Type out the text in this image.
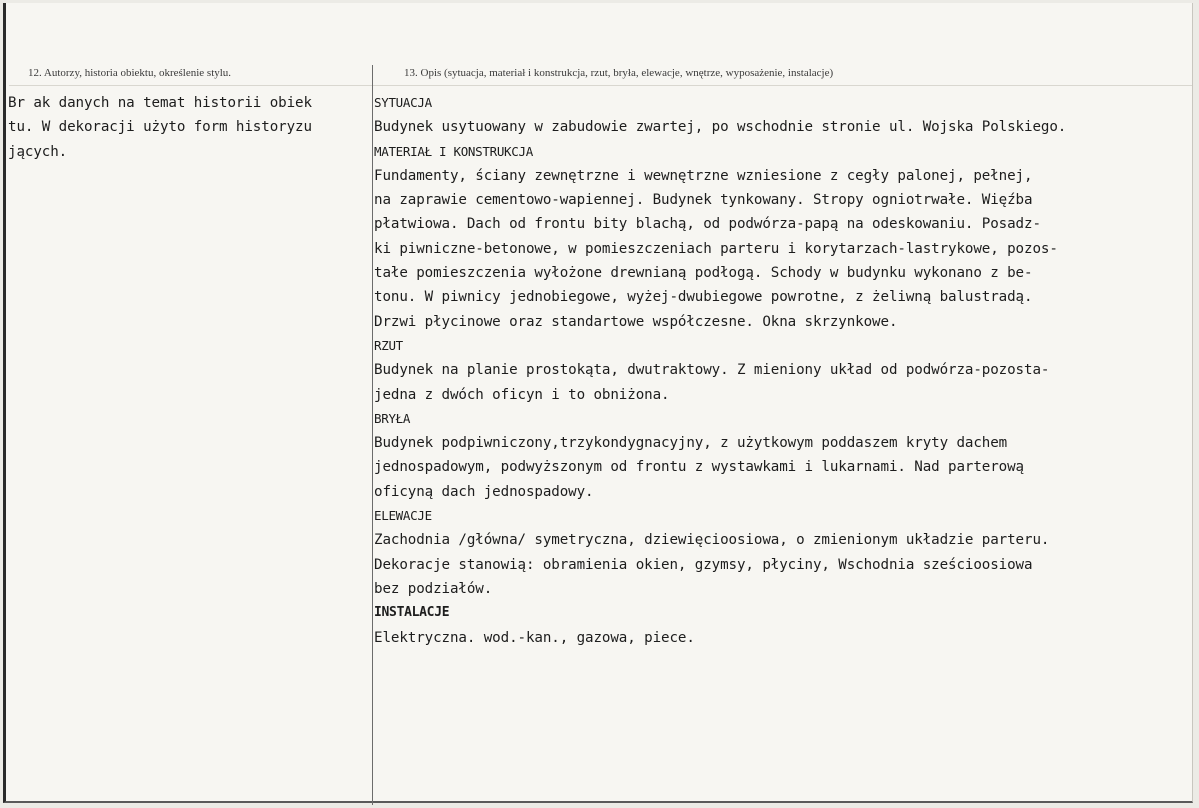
12. Autorzy, historia obiektu, określenie stylu.	13. Opis (sytuacja, materiał i konstrukcja, rzut, bryła, elewacje, wnętrze, wyposażenie, instalacje)
Br ak danych na temat historii obiek
tu. W dekoracji użyto form historyzu
jących.
SYTUACJA
Budynek usytuowany w zabudowie zwartej, po wschodnie stronie ul. Wojska Polskiego.
MATERIAŁ I KONSTRUKCJA
Fundamenty, ściany zewnętrzne i wewnętrzne wzniesione z cegły palonej, pełnej,
na zaprawie cementowo-wapiennej. Budynek tynkowany. Stropy ogniotrwałe. Więźba
płatwiowa. Dach od frontu bity blachą, od podwórza-papą na odeskowaniu. Posadz-
ki piwniczne-betonowe, w pomieszczeniach parteru i korytarzach-lastrykowe, pozos-
tałe pomieszczenia wyłożone drewnianą podłogą. Schody w budynku wykonano z be-
tonu. W piwnicy jednobiegowe, wyżej-dwubiegowe powrotne, z żeliwną balustradą.
Drzwi płycinowe oraz standartowe współczesne. Okna skrzynkowe.
RZUT
Budynek na planie prostokąta, dwutraktowy. Z mieniony układ od podwórza-pozosta-
jedna z dwóch oficyn i to obniżona.
BRYŁA
Budynek podpiwniczony,trzykondygnacyjny, z użytkowym poddaszem kryty dachem
jednospadowym, podwyższonym od frontu z wystawkami i lukarnami. Nad parterową
oficyną dach jednospadowy.
ELEWACJE
Zachodnia /główna/ symetryczna, dziewięcioosiowa, o zmienionym układzie parteru.
Dekoracje stanowią: obramienia okien, gzymsy, płyciny, Wschodnia sześcioosiowa
bez podziałów.
INSTALACJE
Elektryczna. wod.-kan., gazowa, piece.
